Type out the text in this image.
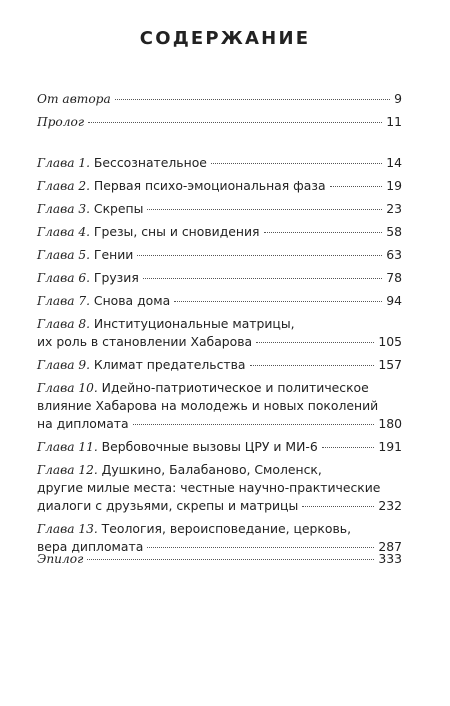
СОДЕРЖАНИЕ
От автора	9
Пролог	11
Глава 1. Бессознательное	14
Глава 2. Первая психо-эмоциональная фаза	19
Глава 3. Скрепы	23
Глава 4. Грезы, сны и сновидения	58
Глава 5. Гении	63
Глава 6. Грузия	78
Глава 7. Снова дома	94
Глава 8. Институциональные матрицы,
их роль в становлении Хабарова	105
Глава 9. Климат предательства	157
Глава 10. Идейно-патриотическое и политическое
влияние Хабарова на молодежь и новых поколений
на дипломата	180
Глава 11. Вербовочные вызовы ЦРУ и МИ-6	191
Глава 12. Душкино, Балабаново, Смоленск,
другие милые места: честные научно-практические
диалоги с друзьями, скрепы и матрицы	232
Глава 13. Теология, вероисповедание, церковь,
вера дипломата	287
Эпилог	333
